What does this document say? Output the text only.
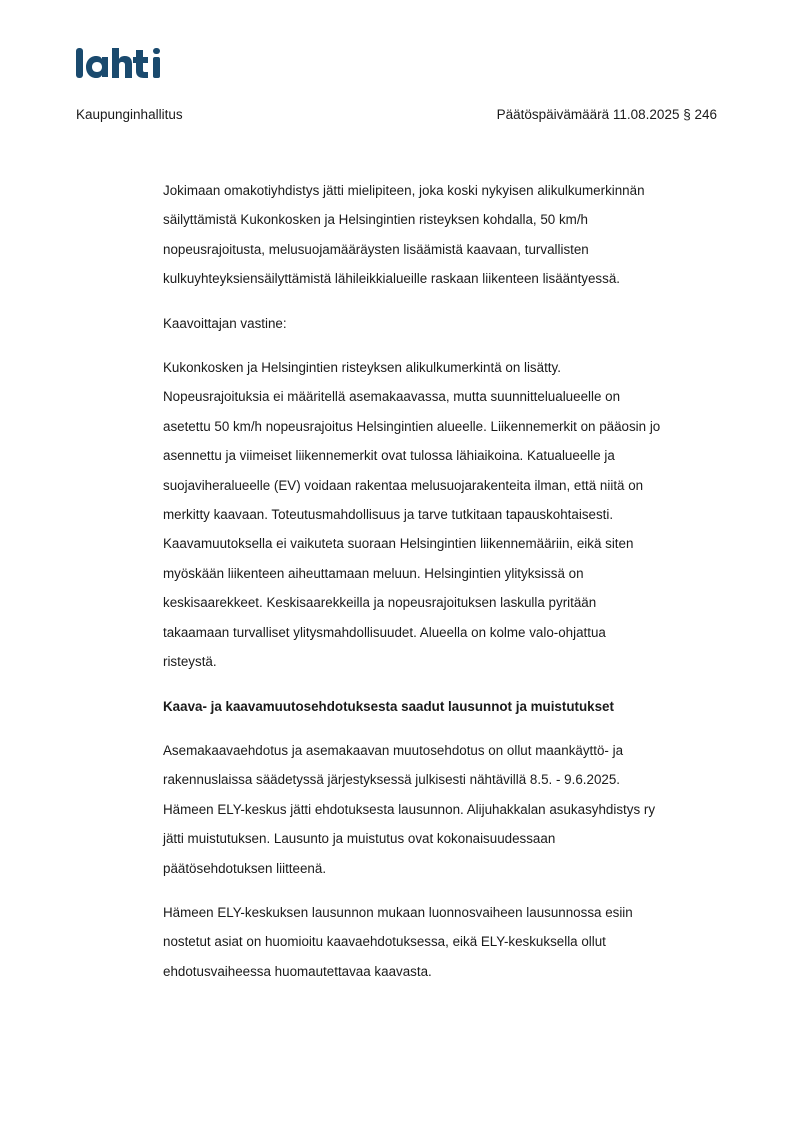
Kaupunginhallitus	Päätöspäivämäärä 11.08.2025 § 246

Jokimaan omakotiyhdistys jätti mielipiteen, joka koski nykyisen alikulkumerkinnän
säilyttämistä Kukonkosken ja Helsingintien risteyksen kohdalla, 50 km/h
nopeusrajoitusta, melusuojamääräysten lisäämistä kaavaan, turvallisten
kulkuyhteyksiensäilyttämistä lähileikkialueille raskaan liikenteen lisääntyessä.

Kaavoittajan vastine:

Kukonkosken ja Helsingintien risteyksen alikulkumerkintä on lisätty.
Nopeusrajoituksia ei määritellä asemakaavassa, mutta suunnittelualueelle on
asetettu 50 km/h nopeusrajoitus Helsingintien alueelle. Liikennemerkit on pääosin jo
asennettu ja viimeiset liikennemerkit ovat tulossa lähiaikoina. Katualueelle ja
suojaviheralueelle (EV) voidaan rakentaa melusuojarakenteita ilman, että niitä on
merkitty kaavaan. Toteutusmahdollisuus ja tarve tutkitaan tapauskohtaisesti.
Kaavamuutoksella ei vaikuteta suoraan Helsingintien liikennemääriin, eikä siten
myöskään liikenteen aiheuttamaan meluun. Helsingintien ylityksissä on
keskisaarekkeet. Keskisaarekkeilla ja nopeusrajoituksen laskulla pyritään
takaamaan turvalliset ylitysmahdollisuudet. Alueella on kolme valo-ohjattua
risteystä.

Kaava- ja kaavamuutosehdotuksesta saadut lausunnot ja muistutukset

Asemakaavaehdotus ja asemakaavan muutosehdotus on ollut maankäyttö- ja
rakennuslaissa säädetyssä järjestyksessä julkisesti nähtävillä 8.5. - 9.6.2025.
Hämeen ELY-keskus jätti ehdotuksesta lausunnon. Alijuhakkalan asukasyhdistys ry
jätti muistutuksen. Lausunto ja muistutus ovat kokonaisuudessaan
päätösehdotuksen liitteenä.

Hämeen ELY-keskuksen lausunnon mukaan luonnosvaiheen lausunnossa esiin
nostetut asiat on huomioitu kaavaehdotuksessa, eikä ELY-keskuksella ollut
ehdotusvaiheessa huomautettavaa kaavasta.
